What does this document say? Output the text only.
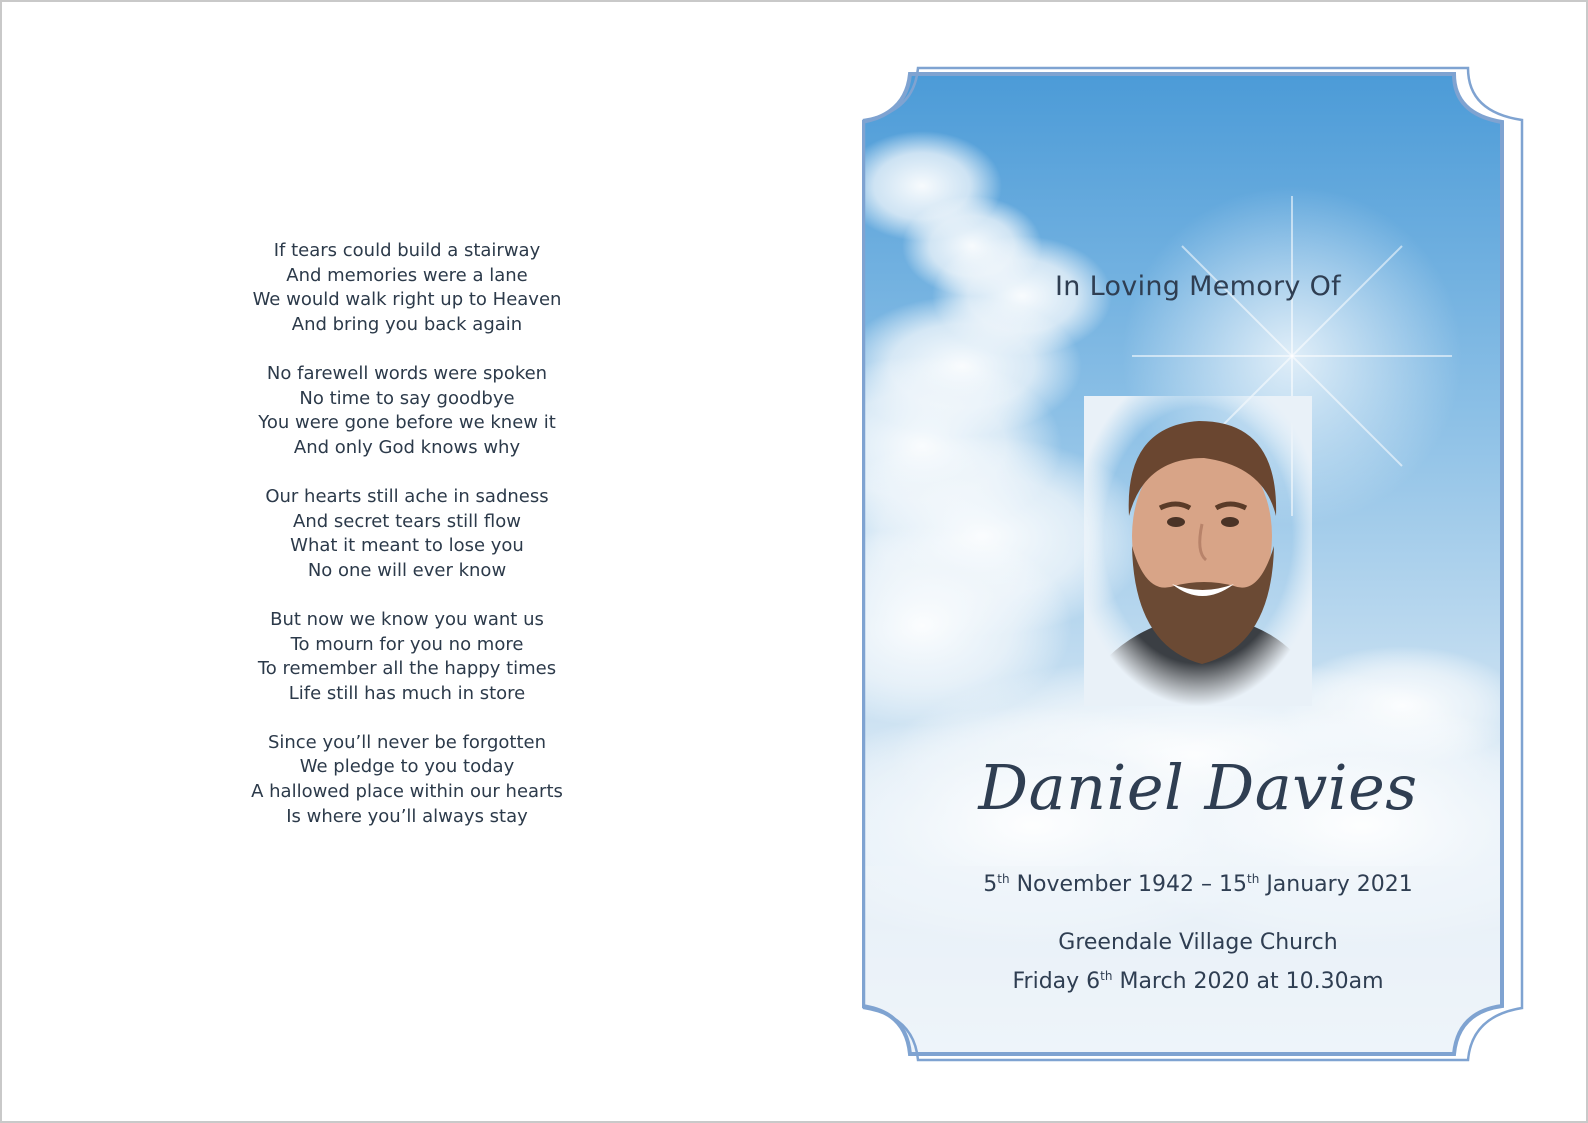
If tears could build a stairway
And memories were a lane
We would walk right up to Heaven
And bring you back again
No farewell words were spoken
No time to say goodbye
You were gone before we knew it
And only God knows why
Our hearts still ache in sadness
And secret tears still flow
What it meant to lose you
No one will ever know
But now we know you want us
To mourn for you no more
To remember all the happy times
Life still has much in store
Since you’ll never be forgotten
We pledge to you today
A hallowed place within our hearts
Is where you’ll always stay
In Loving Memory Of
Daniel Davies
5th November 1942 – 15th January 2021
Greendale Village Church
Friday 6th March 2020 at 10.30am
